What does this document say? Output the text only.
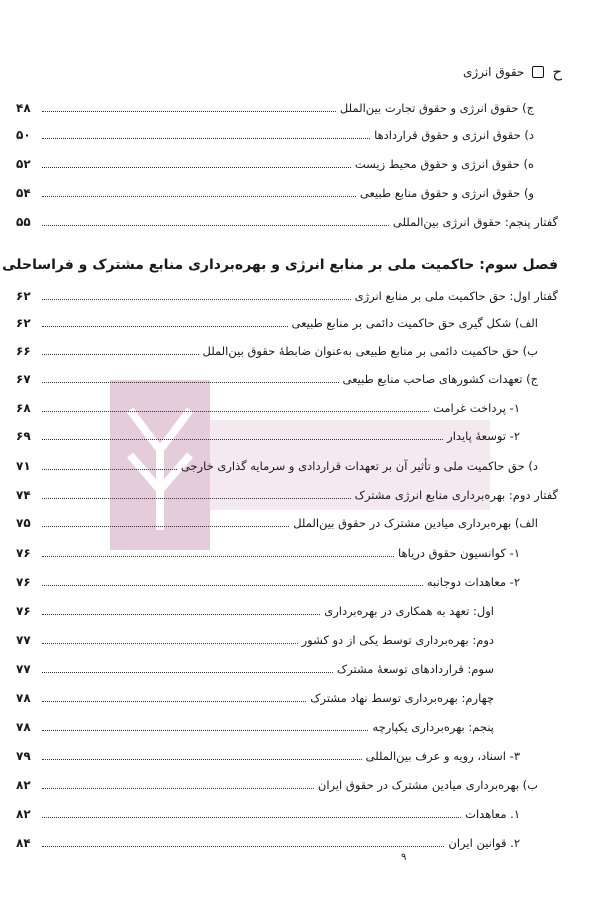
ح
حقوق انرژی
ج) حقوق انرژی و حقوق تجارت بین‌الملل
۴۸
د) حقوق انرژی و حقوق قراردادها
۵۰
ه) حقوق انرژی و حقوق محیط زیست
۵۲
و) حقوق انرژی و حقوق منابع طبیعی
۵۴
گفتار پنجم: حقوق انرژی بین‌المللی
۵۵
فصل سوم: حاکمیت ملی بر منابع انرژی و بهره‌برداری منابع مشترک و فراساحلی
گفتار اول: حق حاکمیت ملی بر منابع انرژی
۶۲
الف) شکل گیری حق حاکمیت دائمی بر منابع طبیعی
۶۲
ب) حق حاکمیت دائمی بر منابع طبیعی به‌عنوان ضابطهٔ حقوق بین‌الملل
۶۶
ج) تعهدات کشورهای صاحب منابع طبیعی
۶۷
۱- پرداخت غرامت
۶۸
۲- توسعهٔ پایدار
۶۹
د) حق حاکمیت ملی و تأثیر آن بر تعهدات قراردادی و سرمایه گذاری خارجی
۷۱
گفتار دوم: بهره‌برداری منابع انرژی مشترک
۷۴
الف) بهره‌برداری میادین مشترک در حقوق بین‌الملل
۷۵
۱- کوانسیون حقوق دریاها
۷۶
۲- معاهدات دوجانبه
۷۶
اول: تعهد به همکاری در بهره‌برداری
۷۶
دوم: بهره‌برداری توسط یکی از دو کشور
۷۷
سوم: قراردادهای توسعهٔ مشترک
۷۷
چهارم: بهره‌برداری توسط نهاد مشترک
۷۸
پنجم: بهره‌برداری یکپارچه
۷۸
۳- اسناد، رویه و عرف بین‌المللی
۷۹
ب) بهره‌برداری میادین مشترک در حقوق ایران
۸۲
۱. معاهدات
۸۲
۲. قوانین ایران
۸۴
٩
